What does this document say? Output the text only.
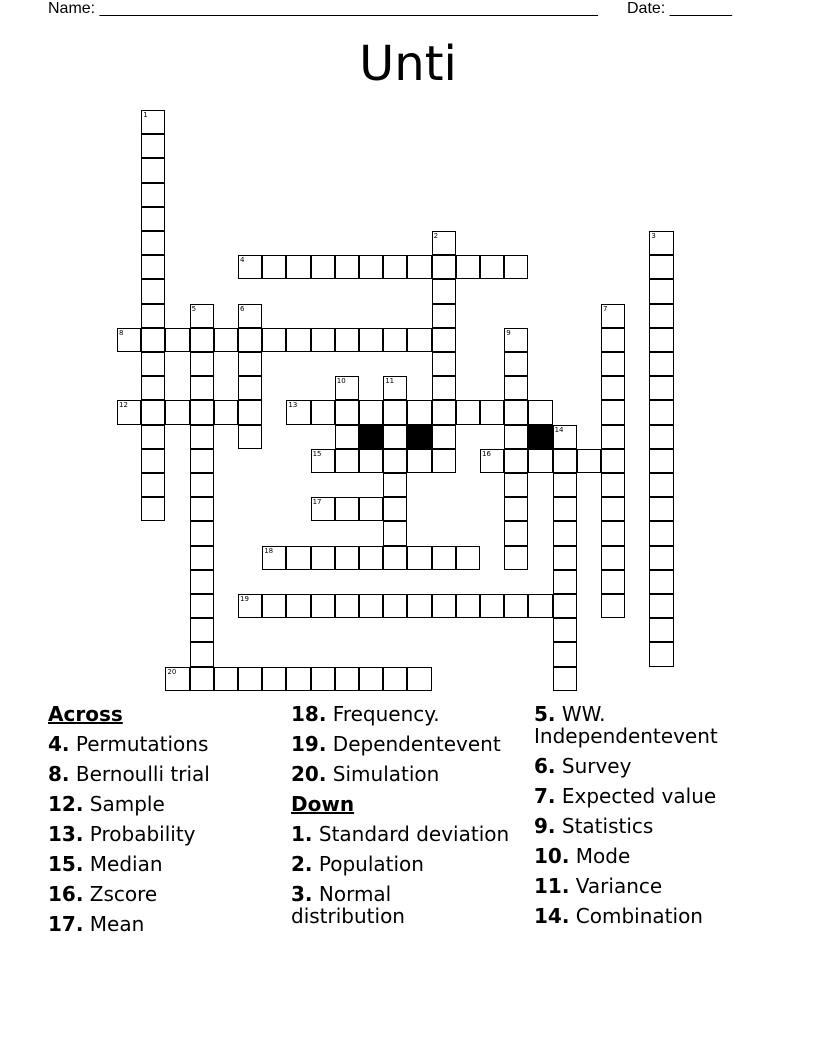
Name: ________________________________________________________ Date: _______
Unti
1
2	3
4
5	6	7
8	9
10	11
12	13
14
15	16
17
18
19
20
Across
4. Permutations
8. Bernoulli trial
12. Sample
13. Probability
15. Median
16. Zscore
17. Mean
18. Frequency.
19. Dependentevent
20. Simulation
Down
1. Standard deviation
2. Population
3. Normal distribution
5. WW. Independentevent
6. Survey
7. Expected value
9. Statistics
10. Mode
11. Variance
14. Combination
